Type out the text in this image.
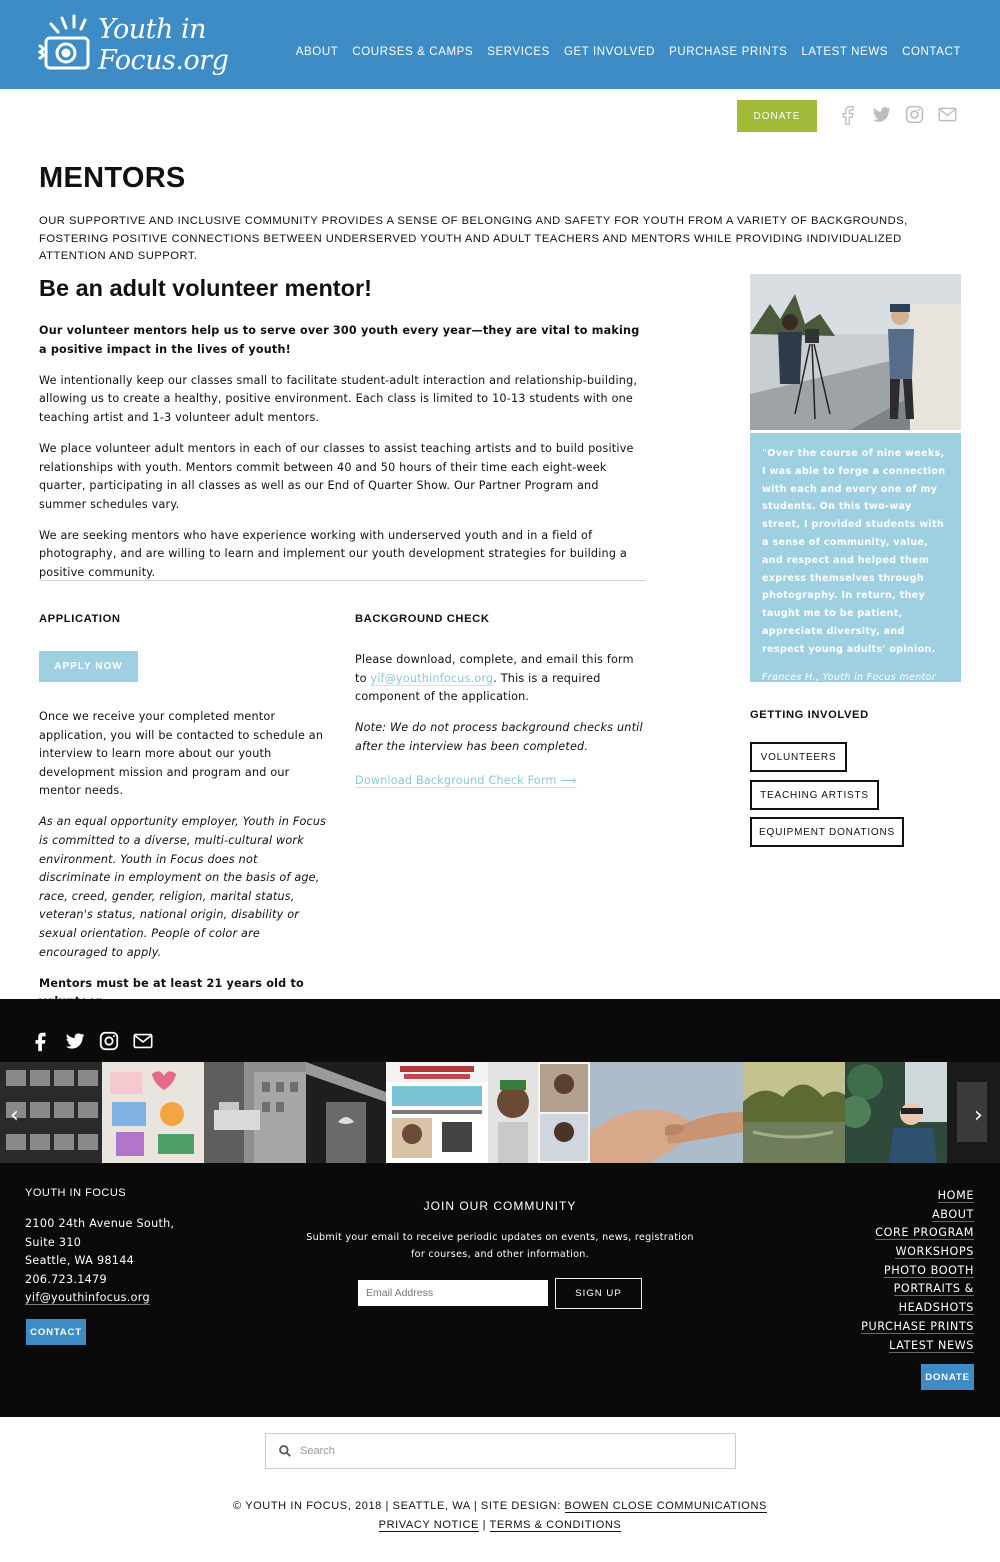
Youth in Focus.org	ABOUT COURSES & CAMPS SERVICES GET INVOLVED PURCHASE PRINTS LATEST NEWS CONTACT
DONATE
MENTORS

OUR SUPPORTIVE AND INCLUSIVE COMMUNITY PROVIDES A SENSE OF BELONGING AND SAFETY FOR YOUTH FROM A VARIETY OF BACKGROUNDS, FOSTERING POSITIVE CONNECTIONS BETWEEN UNDERSERVED YOUTH AND ADULT TEACHERS AND MENTORS WHILE PROVIDING INDIVIDUALIZED ATTENTION AND SUPPORT.

Be an adult volunteer mentor!

Our volunteer mentors help us to serve over 300 youth every year—they are vital to making a positive impact in the lives of youth!

We intentionally keep our classes small to facilitate student-adult interaction and relationship-building, allowing us to create a healthy, positive environment. Each class is limited to 10-13 students with one teaching artist and 1-3 volunteer adult mentors.

We place volunteer adult mentors in each of our classes to assist teaching artists and to build positive relationships with youth. Mentors commit between 40 and 50 hours of their time each eight-week quarter, participating in all classes as well as our End of Quarter Show. Our Partner Program and summer schedules vary.

We are seeking mentors who have experience working with underserved youth and in a field of photography, and are willing to learn and implement our youth development strategies for building a positive community.

APPLICATION
APPLY NOW

Once we receive your completed mentor application, you will be contacted to schedule an interview to learn more about our youth development mission and program and our mentor needs.

As an equal opportunity employer, Youth in Focus is committed to a diverse, multi-cultural work environment. Youth in Focus does not discriminate in employment on the basis of age, race, creed, gender, religion, marital status, veteran's status, national origin, disability or sexual orientation. People of color are encouraged to apply.

Mentors must be at least 21 years old to

BACKGROUND CHECK

Please download, complete, and email this form to yif@youthinfocus.org. This is a required component of the application.

Note: We do not process background checks until after the interview has been completed.

Download Background Check Form ⟶

"Over the course of nine weeks, I was able to forge a connection with each and every one of my students. On this two-way street, I provided students with a sense of community, value, and respect and helped them express themselves through photography. In return, they taught me to be patient, appreciate diversity, and respect young adults' opinion.

Frances H., Youth in Focus mentor

GETTING INVOLVED
VOLUNTEERS
TEACHING ARTISTS
EQUIPMENT DONATIONS
‹	›
YOUTH IN FOCUS
2100 24th Avenue South,
Suite 310
Seattle, WA 98144
206.723.1479
yif@youthinfocus.org
CONTACT
JOIN OUR COMMUNITY
Submit your email to receive periodic updates on events, news, registration for courses, and other information.
Email Address
SIGN UP
HOME
ABOUT
CORE PROGRAM
WORKSHOPS
PHOTO BOOTH
PORTRAITS &
HEADSHOTS
PURCHASE PRINTS
LATEST NEWS
DONATE
Search
© YOUTH IN FOCUS, 2018 | SEATTLE, WA | SITE DESIGN: BOWEN CLOSE COMMUNICATIONS
PRIVACY NOTICE | TERMS & CONDITIONS
